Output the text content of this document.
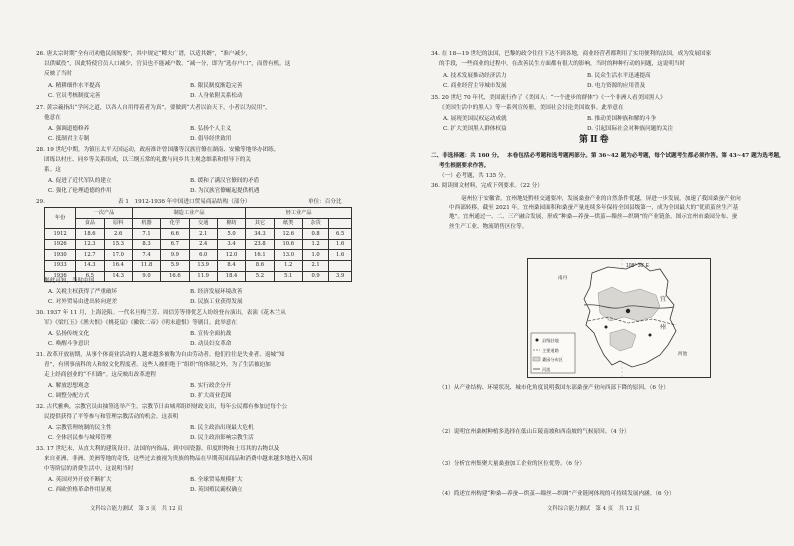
26. 唐太宗时期“全有司劝勉民间嫁娶”，其中规定“鳏夫广谱，以适其婿”，“准户减少，
以供赋役”，因此特使官员人口减少，官员也不能减户数，“减一分，即为“选存户口”，而曾有机。这
反映了当时
A. 精耕细作水平提高	B. 限民制度渐趋完善
C. 官员考核制度完善	D. 人身依附关系松动
27. 黄宗羲指出“学问之道，以各人自用得着者为真”，要做到“大者以治天下，小者以为民用”，
他意在
A. 强调道德修养	B. 弘扬个人主义
C. 抵制君主专制	D. 倡导经世致用
28. 19 世纪中期，为镇压太平天国运动，政府准许曾国藩等汉族官僚在湖南、安徽等地举办团练。
团练以村庄、同乡等关系组成，以三纲五常的礼教与同乡共主观念维系和督导下的关
系。这
A. 促进了近代军队的建立	B. 缓和了满汉官僚间的矛盾
C. 强化了伦理道德的作用	D. 为汉族官僚崛起提供机遇
29.	表 1　1912-1936 年中国进口贸易商品结构（部分）	单位：百分比
年份	一次产品		制造工业产品				轻工业产品			
	食品	原料	机器	化学	交通	棉纺	其它	纸类	杂货	
1912	18.6	2.6	7.1	6.6	2.1	5.0	34.3	12.6	0.8	6.5
1926	12.3	15.3	8.3	6.7	2.4	3.4	23.8	10.6	1.2	1.6
1930	12.7	17.0	7.4	9.9	6.0	12.0	16.1	13.0	1.0	1.6
1933	14.3	16.4	11.8	5.9	13.9	8.4	8.6	1.2	2.1	
1936	6.5	14.3	9.0	16.6	11.9	18.4	5.2	5.1	0.9	3.9
据此可知，当时中国
A. 关税主权获得了严重破坏	B. 经济发展环境改善
C. 对外贸易由进出转向逆差	D. 民族工业获得发展
30. 1937 年 11 月，上海沦陷。一代名旦梅兰芳、周信芳等俳优艺人纷纷登台演出，表演《花木兰从
军》《梁红玉》《渔夫恨》《桃花扇》《徽钦二帝》《明末遗恨》等剧目。此举意在
A. 弘扬传统文化	B. 宣传全面抗战
C. 唤醒斗争意识	D. 动员妇女革命
31. 改革开放初期，从事个体商业活动的人越来越多被称为自由劳动者。他们往往是失业者、返城“知
青”，有刑事前科的人和较文化程度者。这些人被拒绝于“组织”的体制之外，为了生活被迫加
走上经商创业的“不归路”。这反映出改革进程
A. 解放思想观念	B. 实行政企分开
C. 调整分配方式	D. 扩大商业范围
32. 古代雅典，宗教官员由抽签选举产生，宗教节日由城邦组织财政支出，每年公民都有参加过每个公
民提供获得了平等参与和管理宗教活动的机会。这表明
A. 宗教管理统制的民主性	B. 民主政治出现最大危机
C. 全体居民参与城邦管理	D. 民主政治影响宗教生活
33. 17 世纪末，从直大利的建筑设计、法国的内饰品，到中国瓷器、印度织物和土耳其的古物以及
来自亚洲、非洲、美洲等地的奇货，这些过去被视为贵族的物品在早期英国商品和消费中越来越多地进入英国
中等阶层的消费生活中。这说明当时
A. 英国对外开放不断扩大	B. 全球贸易规模扩大
C. 西欧价格革命作用显现	D. 英国殖民霸权确立
文科综合能力测试　第 3 页　共 12 页
34. 在 18—19 世纪的法国，巴黎的政令往往下达不到各地，商业经营者都利用了实用便利的法国，成为发展国家
的手段，一些商业的过程中，在改善民生方面都有很大的影响，当时的种种行动的问题，这说明当时
A. 技术发展推动经济活力	B. 民众生活水平迅速提高
C. 商业经营主导城市发展	D. 电力资源的应用普及
35. 20 世纪 70 年代，美国流行作了《美国人：“一个进步的群体”》《一个非洲人看美国黑人》
《美国生活中的黑人》等一系列宣传册，美国社会讨论美国故事。此举意在
A. 展现美国民权运动成就	B. 推动美国种族和解的斗争
C. 扩大美国黑人群体权益	D. 引起国际社会对种族问题的关注
第Ⅱ卷
二、非选择题：共 160 分。 本卷包括必考题和选考题两部分。第 36~42 题为必考题，每个试题考生都必须作答。第 43~47 题为选考题，
考生根据要求作答。
（一）必考题，共 135 分。
36. 阅读图文材料，完成下列要求。（22 分）
亳州位于安徽省，宜州地处黔桂交通要冲，发展桑蚕产业的自然条件优越，屏进一步发展，加速了我国桑蚕产业向中西部转移。截至 2021 年，宜州桑园面积和桑蚕产量连续多年保持全国县级第一，成为全国最大的“优质茧丝生产基地”。宜州通过一、二、三产融合发展，形成“种桑—养蚕—烘茧—缫丝—织绸”的产业链条。图示宜州市桑园分布、蚕丝生产工业、物流销售区位等。
108° 30′ E
宜
州
河池
南丹
县级驻地
主要道路
桑园分布区
河流
（1）从产业结构、环境状况、城市化角度说明我国东部桑蚕产业向西部下降的原因。（6 分）
（2）说明宜州桑树种植多选择在低山丘陵南坡和西南坡的气候原因。（4 分）
（3）分析宜州集聚大量桑蚕加工企业的区位优势。（6 分）
（4）简述宜州构建“种桑—养蚕—烘茧—缫丝—织绸”产业链网体现的可持续发展内涵。（6 分）
文科综合能力测试　第 4 页　共 12 页
